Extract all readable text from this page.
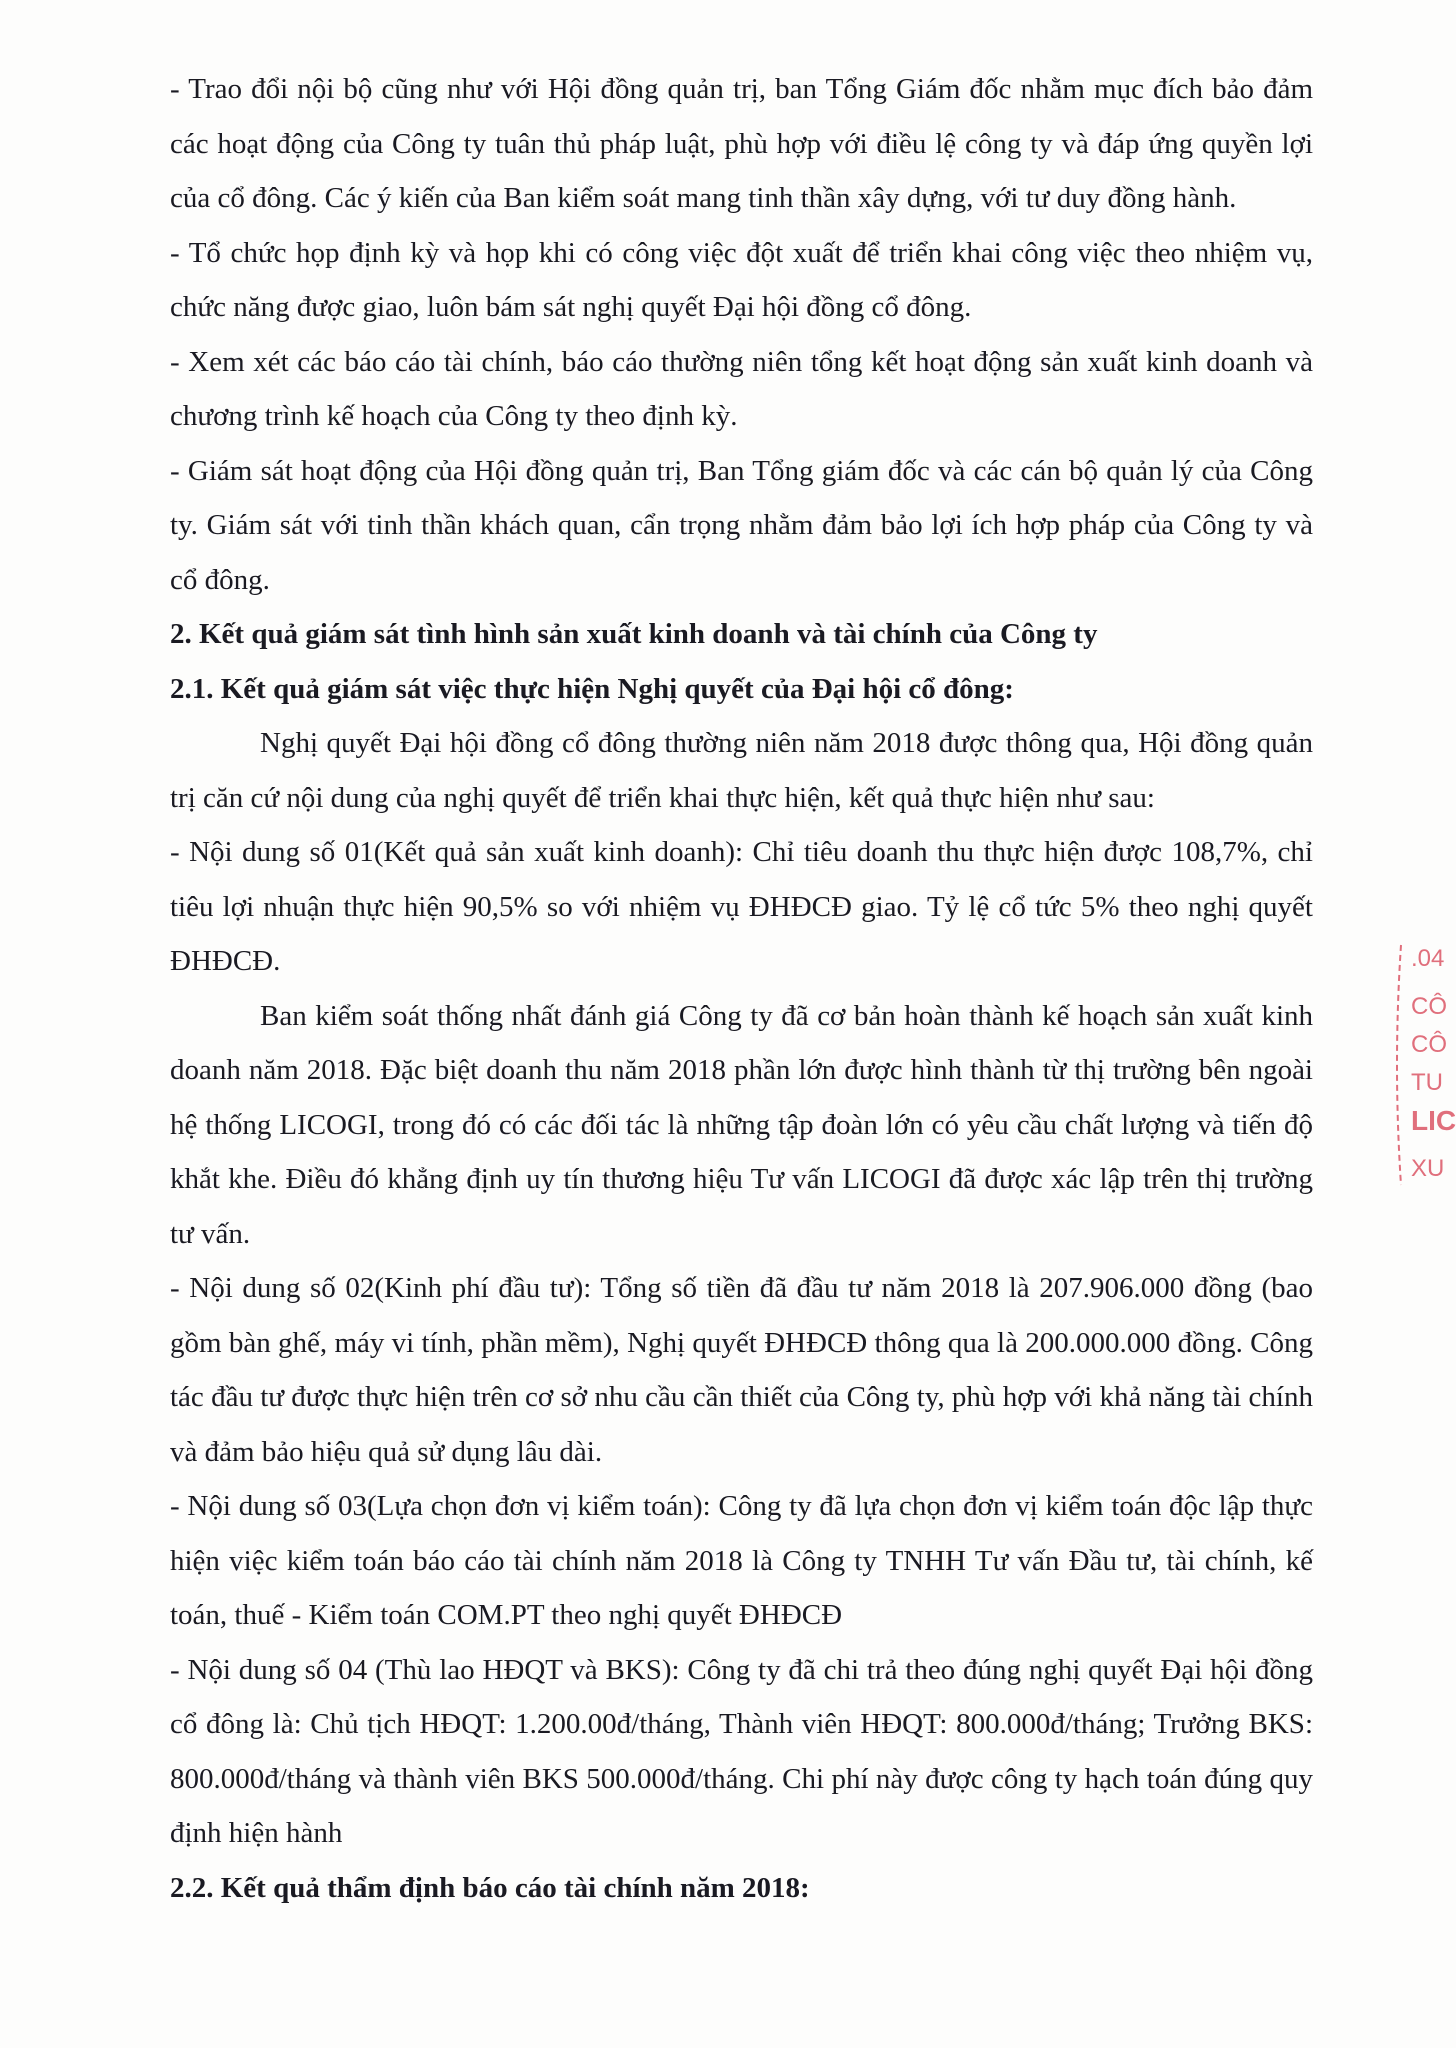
- Trao đổi nội bộ cũng như với Hội đồng quản trị, ban Tổng Giám đốc nhằm mục đích bảo đảm các hoạt động của Công ty tuân thủ pháp luật, phù hợp với điều lệ công ty và đáp ứng quyền lợi của cổ đông. Các ý kiến của Ban kiểm soát mang tinh thần xây dựng, với tư duy đồng hành.

- Tổ chức họp định kỳ và họp khi có công việc đột xuất để triển khai công việc theo nhiệm vụ, chức năng được giao, luôn bám sát nghị quyết Đại hội đồng cổ đông.

- Xem xét các báo cáo tài chính, báo cáo thường niên tổng kết hoạt động sản xuất kinh doanh và chương trình kế hoạch của Công ty theo định kỳ.

- Giám sát hoạt động của Hội đồng quản trị, Ban Tổng giám đốc và các cán bộ quản lý của Công ty. Giám sát với tinh thần khách quan, cẩn trọng nhằm đảm bảo lợi ích hợp pháp của Công ty và cổ đông.

2. Kết quả giám sát tình hình sản xuất kinh doanh và tài chính của Công ty

2.1. Kết quả giám sát việc thực hiện Nghị quyết của Đại hội cổ đông:

Nghị quyết Đại hội đồng cổ đông thường niên năm 2018 được thông qua, Hội đồng quản trị căn cứ nội dung của nghị quyết để triển khai thực hiện, kết quả thực hiện như sau:

- Nội dung số 01(Kết quả sản xuất kinh doanh): Chỉ tiêu doanh thu thực hiện được 108,7%, chỉ tiêu lợi nhuận thực hiện 90,5% so với nhiệm vụ ĐHĐCĐ giao. Tỷ lệ cổ tức 5% theo nghị quyết ĐHĐCĐ.

Ban kiểm soát thống nhất đánh giá Công ty đã cơ bản hoàn thành kế hoạch sản xuất kinh doanh năm 2018. Đặc biệt doanh thu năm 2018 phần lớn được hình thành từ thị trường bên ngoài hệ thống LICOGI, trong đó có các đối tác là những tập đoàn lớn có yêu cầu chất lượng và tiến độ khắt khe. Điều đó khẳng định uy tín thương hiệu Tư vấn LICOGI đã được xác lập trên thị trường tư vấn.

- Nội dung số 02(Kinh phí đầu tư): Tổng số tiền đã đầu tư năm 2018 là 207.906.000 đồng (bao gồm bàn ghế, máy vi tính, phần mềm), Nghị quyết ĐHĐCĐ thông qua là 200.000.000 đồng. Công tác đầu tư được thực hiện trên cơ sở nhu cầu cần thiết của Công ty, phù hợp với khả năng tài chính và đảm bảo hiệu quả sử dụng lâu dài.

- Nội dung số 03(Lựa chọn đơn vị kiểm toán): Công ty đã lựa chọn đơn vị kiểm toán độc lập thực hiện việc kiểm toán báo cáo tài chính năm 2018 là Công ty TNHH Tư vấn Đầu tư, tài chính, kế toán, thuế - Kiểm toán COM.PT theo nghị quyết ĐHĐCĐ

- Nội dung số 04 (Thù lao HĐQT và BKS): Công ty đã chi trả theo đúng nghị quyết Đại hội đồng cổ đông là: Chủ tịch HĐQT: 1.200.00đ/tháng, Thành viên HĐQT: 800.000đ/tháng; Trưởng BKS: 800.000đ/tháng và thành viên BKS 500.000đ/tháng. Chi phí này được công ty hạch toán đúng quy định hiện hành

2.2. Kết quả thẩm định báo cáo tài chính năm 2018:

.04
CÔ
CÔ
TU
LIC
XU
